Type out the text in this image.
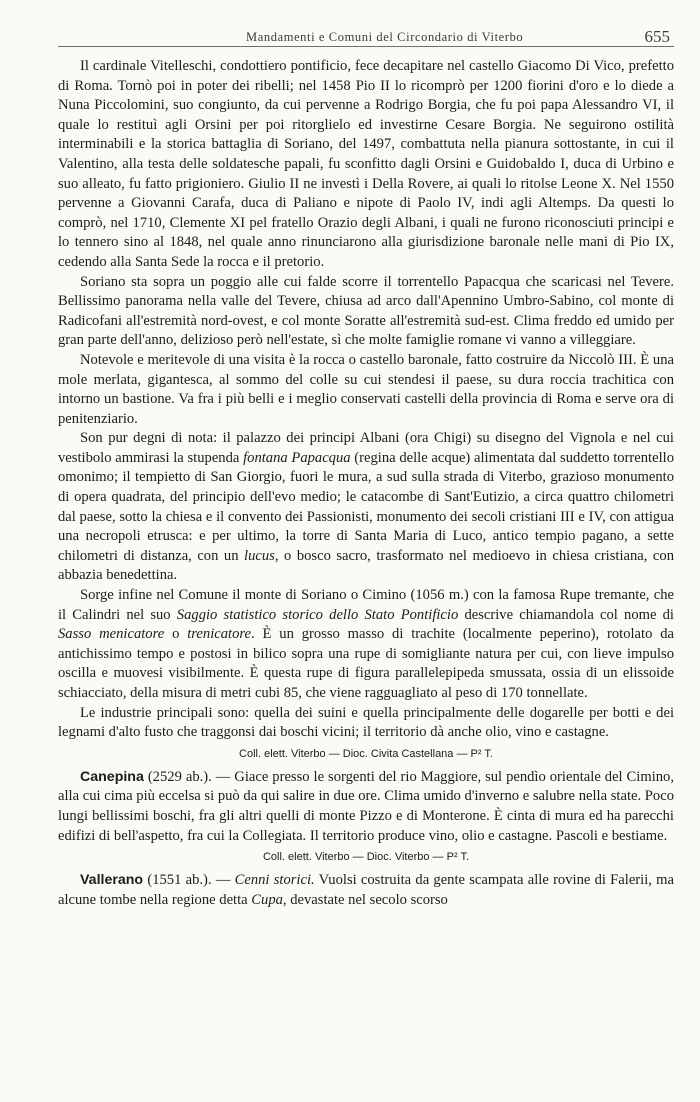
Mandamenti e Comuni del Circondario di Viterbo	655

Il cardinale Vitelleschi, condottiero pontificio, fece decapitare nel castello Giacomo Di Vico, prefetto di Roma. Tornò poi in poter dei ribelli; nel 1458 Pio II lo ricomprò per 1200 fiorini d'oro e lo diede a Nuna Piccolomini, suo congiunto, da cui pervenne a Rodrigo Borgia, che fu poi papa Alessandro VI, il quale lo restituì agli Orsini per poi ritorglielo ed investirne Cesare Borgia. Ne seguirono ostilità interminabili e la storica battaglia di Soriano, del 1497, combattuta nella pianura sottostante, in cui il Valentino, alla testa delle soldatesche papali, fu sconfitto dagli Orsini e Guidobaldo I, duca di Urbino e suo alleato, fu fatto prigioniero. Giulio II ne investì i Della Rovere, ai quali lo ritolse Leone X. Nel 1550 pervenne a Giovanni Carafa, duca di Paliano e nipote di Paolo IV, indi agli Altemps. Da questi lo comprò, nel 1710, Clemente XI pel fratello Orazio degli Albani, i quali ne furono riconosciuti principi e lo tennero sino al 1848, nel quale anno rinunciarono alla giurisdizione baronale nelle mani di Pio IX, cedendo alla Santa Sede la rocca e il pretorio.

Soriano sta sopra un poggio alle cui falde scorre il torrentello Papacqua che scaricasi nel Tevere. Bellissimo panorama nella valle del Tevere, chiusa ad arco dall'Apennino Umbro-Sabino, col monte di Radicofani all'estremità nord-ovest, e col monte Soratte all'estremità sud-est. Clima freddo ed umido per gran parte dell'anno, delizioso però nell'estate, sì che molte famiglie romane vi vanno a villeggiare.

Notevole e meritevole di una visita è la rocca o castello baronale, fatto costruire da Niccolò III. È una mole merlata, gigantesca, al sommo del colle su cui stendesi il paese, su dura roccia trachitica con intorno un bastione. Va fra i più belli e i meglio conservati castelli della provincia di Roma e serve ora di penitenziario.

Son pur degni di nota: il palazzo dei principi Albani (ora Chigi) su disegno del Vignola e nel cui vestibolo ammirasi la stupenda fontana Papacqua (regina delle acque) alimentata dal suddetto torrentello omonimo; il tempietto di San Giorgio, fuori le mura, a sud sulla strada di Viterbo, grazioso monumento di opera quadrata, del principio dell'evo medio; le catacombe di Sant'Eutizio, a circa quattro chilometri dal paese, sotto la chiesa e il convento dei Passionisti, monumento dei secoli cristiani III e IV, con attigua una necropoli etrusca: e per ultimo, la torre di Santa Maria di Luco, antico tempio pagano, a sette chilometri di distanza, con un lucus, o bosco sacro, trasformato nel medioevo in chiesa cristiana, con abbazia benedettina.

Sorge infine nel Comune il monte di Soriano o Cimino (1056 m.) con la famosa Rupe tremante, che il Calindri nel suo Saggio statistico storico dello Stato Pontificio descrive chiamandola col nome di Sasso menicatore o trenicatore. È un grosso masso di trachite (localmente peperino), rotolato da antichissimo tempo e postosi in bilico sopra una rupe di somigliante natura per cui, con lieve impulso oscilla e muovesi visibilmente. È questa rupe di figura parallelepipeda smussata, ossia di un elissoide schiacciato, della misura di metri cubi 85, che viene ragguagliato al peso di 170 tonnellate.

Le industrie principali sono: quella dei suini e quella principalmente delle dogarelle per botti e dei legnami d'alto fusto che traggonsi dai boschi vicini; il territorio dà anche olio, vino e castagne.

Coll. elett. Viterbo — Dioc. Civita Castellana — P² T.

Canepina (2529 ab.). — Giace presso le sorgenti del rio Maggiore, sul pendìo orientale del Cimino, alla cui cima più eccelsa si può da qui salire in due ore. Clima umido d'inverno e salubre nella state. Poco lungi bellissimi boschi, fra gli altri quelli di monte Pizzo e di Monterone. È cinta di mura ed ha parecchi edifizi di bell'aspetto, fra cui la Collegiata. Il territorio produce vino, olio e castagne. Pascoli e bestiame.

Coll. elett. Viterbo — Dioc. Viterbo — P² T.

Vallerano (1551 ab.). — Cenni storici. Vuolsi costruita da gente scampata alle rovine di Falerii, ma alcune tombe nella regione detta Cupa, devastate nel secolo scorso
